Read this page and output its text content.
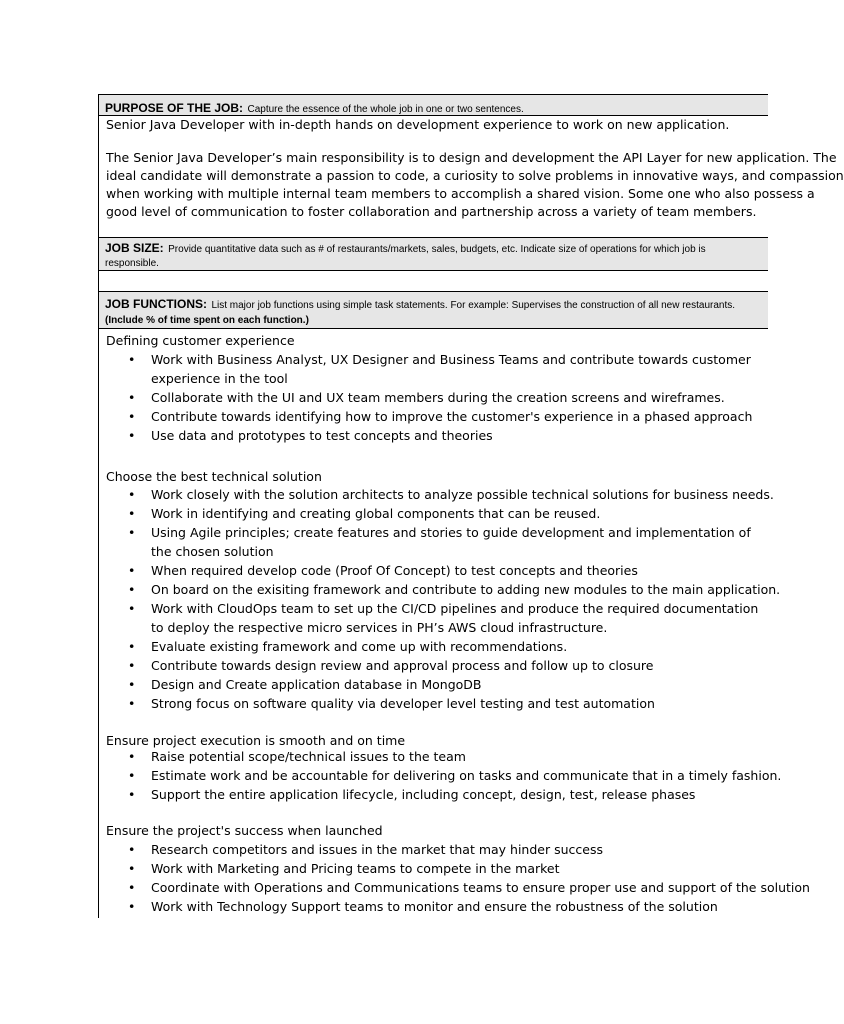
PURPOSE OF THE JOB: Capture the essence of the whole job in one or two sentences.
Senior Java Developer with in-depth hands on development experience to work on new application.
The Senior Java Developer’s main responsibility is to design and development the API Layer for new application. The
ideal candidate will demonstrate a passion to code, a curiosity to solve problems in innovative ways, and compassion
when working with multiple internal team members to accomplish a shared vision. Some one who also possess a
good level of communication to foster collaboration and partnership across a variety of team members.
JOB SIZE: Provide quantitative data such as # of restaurants/markets, sales, budgets, etc. Indicate size of operations for which job is responsible.

JOB FUNCTIONS: List major job functions using simple task statements. For example: Supervises the construction of all new restaurants.
(Include % of time spent on each function.)
Defining customer experience
• Work with Business Analyst, UX Designer and Business Teams and contribute towards customer experience in the tool
• Collaborate with the UI and UX team members during the creation screens and wireframes.
• Contribute towards identifying how to improve the customer's experience in a phased approach
• Use data and prototypes to test concepts and theories
Choose the best technical solution
• Work closely with the solution architects to analyze possible technical solutions for business needs.
• Work in identifying and creating global components that can be reused.
• Using Agile principles; create features and stories to guide development and implementation of the chosen solution
• When required develop code (Proof Of Concept) to test concepts and theories
• On board on the exisiting framework and contribute to adding new modules to the main application.
• Work with CloudOps team to set up the CI/CD pipelines and produce the required documentation to deploy the respective micro services in PH’s AWS cloud infrastructure.
• Evaluate existing framework and come up with recommendations.
• Contribute towards design review and approval process and follow up to closure
• Design and Create application database in MongoDB
• Strong focus on software quality via developer level testing and test automation
Ensure project execution is smooth and on time
• Raise potential scope/technical issues to the team
• Estimate work and be accountable for delivering on tasks and communicate that in a timely fashion.
• Support the entire application lifecycle, including concept, design, test, release phases
Ensure the project's success when launched
• Research competitors and issues in the market that may hinder success
• Work with Marketing and Pricing teams to compete in the market
• Coordinate with Operations and Communications teams to ensure proper use and support of the solution
• Work with Technology Support teams to monitor and ensure the robustness of the solution
